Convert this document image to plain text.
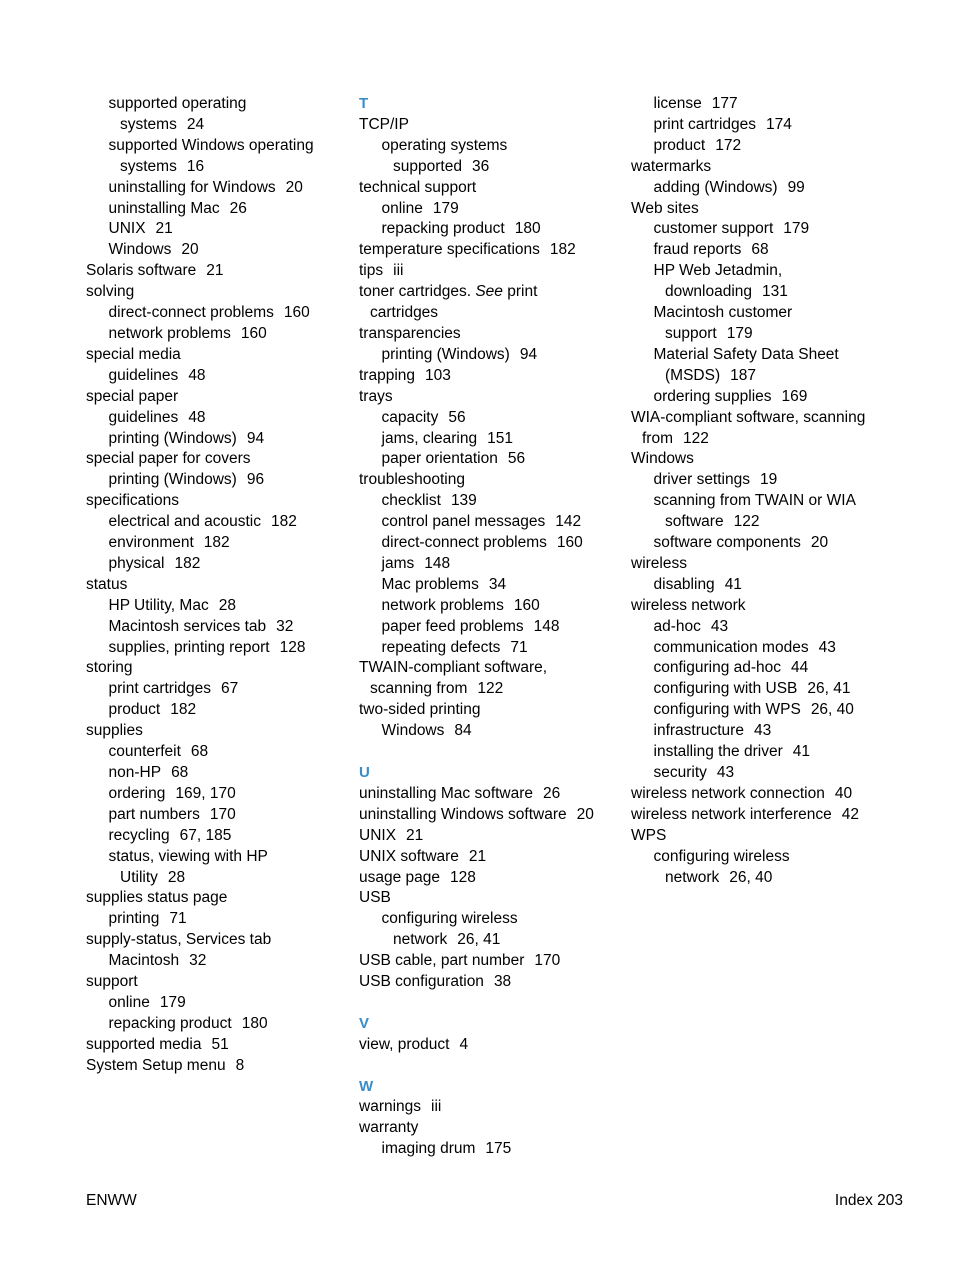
supported operating
systems 24
supported Windows operating
systems 16
uninstalling for Windows 20
uninstalling Mac 26
UNIX 21
Windows 20
Solaris software 21
solving
direct-connect problems 160
network problems 160
special media
guidelines 48
special paper
guidelines 48
printing (Windows) 94
special paper for covers
printing (Windows) 96
specifications
electrical and acoustic 182
environment 182
physical 182
status
HP Utility, Mac 28
Macintosh services tab 32
supplies, printing report 128
storing
print cartridges 67
product 182
supplies
counterfeit 68
non-HP 68
ordering 169, 170
part numbers 170
recycling 67, 185
status, viewing with HP
Utility 28
supplies status page
printing 71
supply-status, Services tab
Macintosh 32
support
online 179
repacking product 180
supported media 51
System Setup menu 8
T
TCP/IP
operating systems
supported 36
technical support
online 179
repacking product 180
temperature specifications 182
tips iii
toner cartridges. See print
cartridges
transparencies
printing (Windows) 94
trapping 103
trays
capacity 56
jams, clearing 151
paper orientation 56
troubleshooting
checklist 139
control panel messages 142
direct-connect problems 160
jams 148
Mac problems 34
network problems 160
paper feed problems 148
repeating defects 71
TWAIN-compliant software,
scanning from 122
two-sided printing
Windows 84
U
uninstalling Mac software 26
uninstalling Windows software 20
UNIX 21
UNIX software 21
usage page 128
USB
configuring wireless
network 26, 41
USB cable, part number 170
USB configuration 38
V
view, product 4
W
warnings iii
warranty
imaging drum 175
license 177
print cartridges 174
product 172
watermarks
adding (Windows) 99
Web sites
customer support 179
fraud reports 68
HP Web Jetadmin,
downloading 131
Macintosh customer
support 179
Material Safety Data Sheet
(MSDS) 187
ordering supplies 169
WIA-compliant software, scanning
from 122
Windows
driver settings 19
scanning from TWAIN or WIA
software 122
software components 20
wireless
disabling 41
wireless network
ad-hoc 43
communication modes 43
configuring ad-hoc 44
configuring with USB 26, 41
configuring with WPS 26, 40
infrastructure 43
installing the driver 41
security 43
wireless network connection 40
wireless network interference 42
WPS
configuring wireless
network 26, 40
ENWW	Index 203
